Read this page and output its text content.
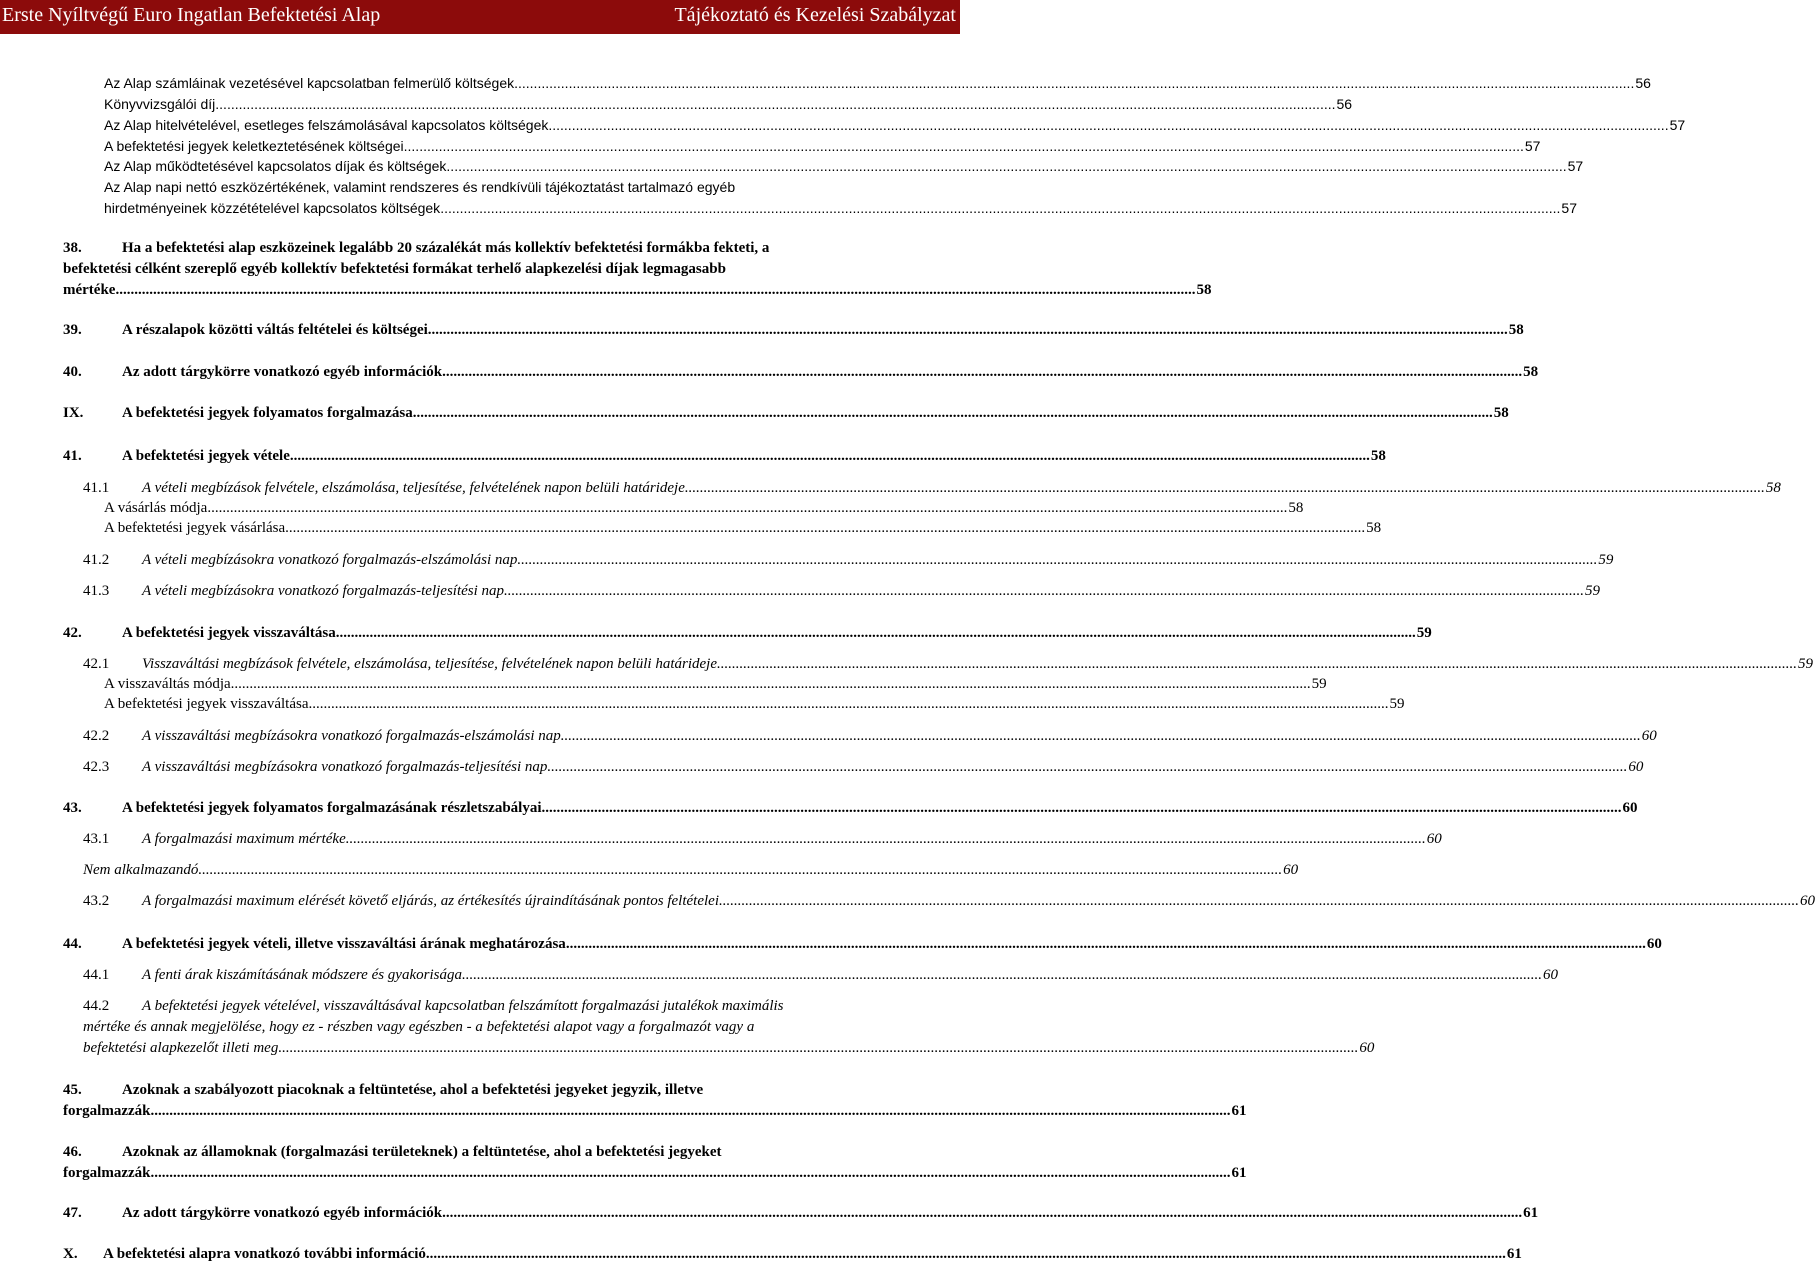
Erste Nyíltvégű Euro Ingatlan Befektetési Alap	Tájékoztató és Kezelési Szabályzat
Az Alap számláinak vezetésével kapcsolatban felmerülő költségek .....	56
Könyvvizsgálói díj .....	56
Az Alap hitelvételével, esetleges felszámolásával kapcsolatos költségek .....	57
A befektetési jegyek keletkeztetésének költségei .....	57
Az Alap működtetésével kapcsolatos díjak és költségek .....	57
Az Alap napi nettó eszközértékének, valamint rendszeres és rendkívüli tájékoztatást tartalmazó egyéb
hirdetményeinek közzétételével kapcsolatos költségek .....	57
38.	Ha a befektetési alap eszközeinek legalább 20 százalékát más kollektív befektetési formákba fekteti, a
befektetési célként szereplő egyéb kollektív befektetési formákat terhelő alapkezelési díjak legmagasabb
mértéke .....	58
39.	A részalapok közötti váltás feltételei és költségei .....	58
40.	Az adott tárgykörre vonatkozó egyéb információk .....	58
IX.	A befektetési jegyek folyamatos forgalmazása .....	58
41.	A befektetési jegyek vétele .....	58
41.1 A vételi megbízások felvétele, elszámolása, teljesítése, felvételének napon belüli határideje .....	58
A vásárlás módja .....	58
A befektetési jegyek vásárlása .....	58
41.2 A vételi megbízásokra vonatkozó forgalmazás-elszámolási nap .....	59
41.3 A vételi megbízásokra vonatkozó forgalmazás-teljesítési nap .....	59
42.	A befektetési jegyek visszaváltása .....	59
42.1 Visszaváltási megbízások felvétele, elszámolása, teljesítése, felvételének napon belüli határideje .....	59
A visszaváltás módja .....	59
A befektetési jegyek visszaváltása .....	59
42.2 A visszaváltási megbízásokra vonatkozó forgalmazás-elszámolási nap .....	60
42.3 A visszaváltási megbízásokra vonatkozó forgalmazás-teljesítési nap .....	60
43.	A befektetési jegyek folyamatos forgalmazásának részletszabályai .....	60
43.1 A forgalmazási maximum mértéke .....	60
Nem alkalmazandó. .....	60
43.2 A forgalmazási maximum elérését követő eljárás, az értékesítés újraindításának pontos feltételei .....	60
44.	A befektetési jegyek vételi, illetve visszaváltási árának meghatározása .....	60
44.1 A fenti árak kiszámításának módszere és gyakorisága .....	60
44.2 A befektetési jegyek vételével, visszaváltásával kapcsolatban felszámított forgalmazási jutalékok maximális
mértéke és annak megjelölése, hogy ez - részben vagy egészben - a befektetési alapot vagy a forgalmazót vagy a
befektetési alapkezelőt illeti meg .....	60
45.	Azoknak a szabályozott piacoknak a feltüntetése, ahol a befektetési jegyeket jegyzik, illetve
forgalmazzák .....	61
46.	Azoknak az államoknak (forgalmazási területeknek) a feltüntetése, ahol a befektetési jegyeket
forgalmazzák .....	61
47.	Az adott tárgykörre vonatkozó egyéb információk .....	61
X. A befektetési alapra vonatkozó további információ .....	61
